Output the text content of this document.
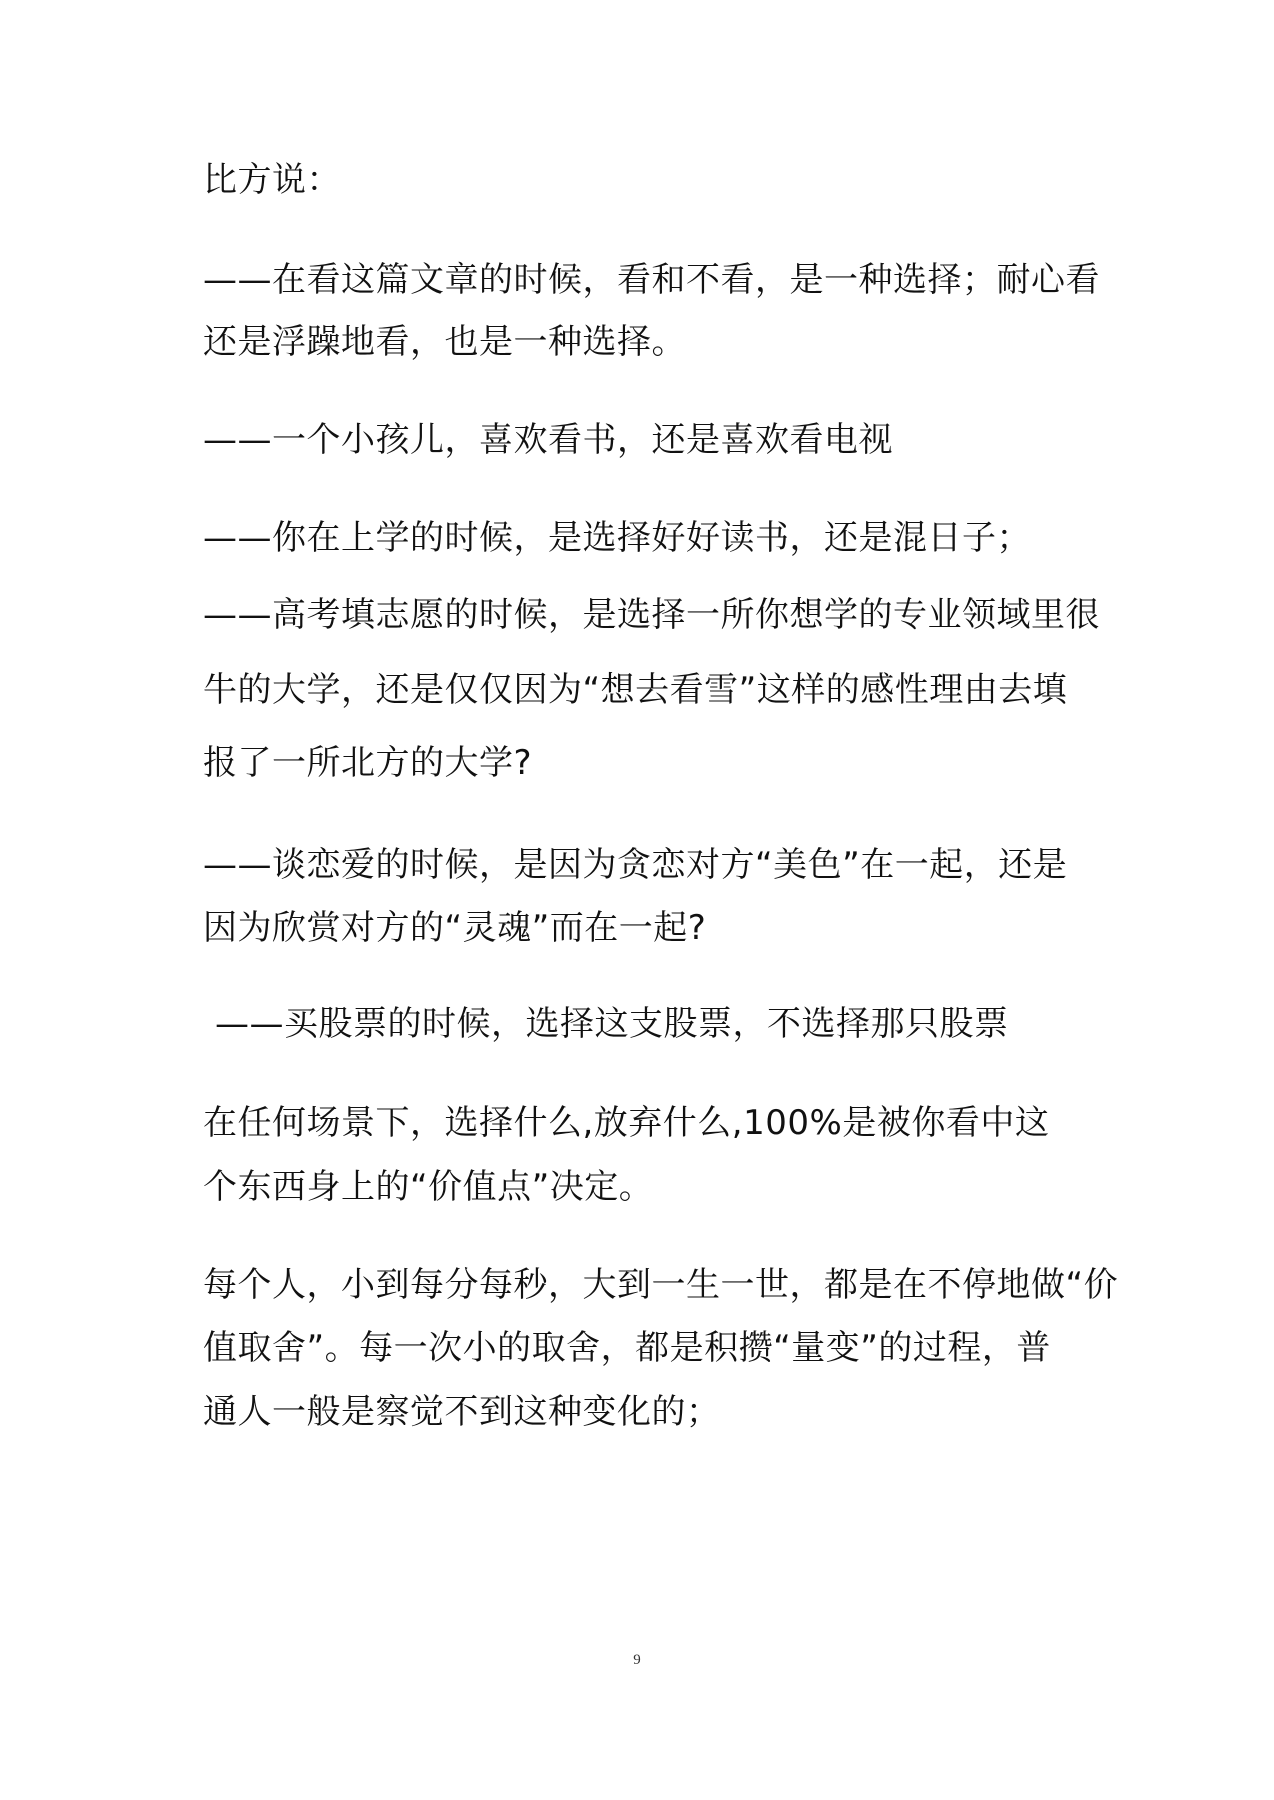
比方说：
——在看这篇文章的时候，看和不看，是一种选择；耐心看
还是浮躁地看，也是一种选择。
——一个小孩儿，喜欢看书，还是喜欢看电视
——你在上学的时候，是选择好好读书，还是混日子；
——高考填志愿的时候，是选择一所你想学的专业领域里很
牛的大学，还是仅仅因为“想去看雪”这样的感性理由去填
报了一所北方的大学?
——谈恋爱的时候，是因为贪恋对方“美色”在一起，还是
因为欣赏对方的“灵魂”而在一起?
——买股票的时候，选择这支股票，不选择那只股票
在任何场景下，选择什么,放弃什么,100%是被你看中这
个东西身上的“价值点”决定。
每个人，小到每分每秒，大到一生一世，都是在不停地做“价
值取舍”。每一次小的取舍，都是积攒“量变”的过程，普
通人一般是察觉不到这种变化的；
9
